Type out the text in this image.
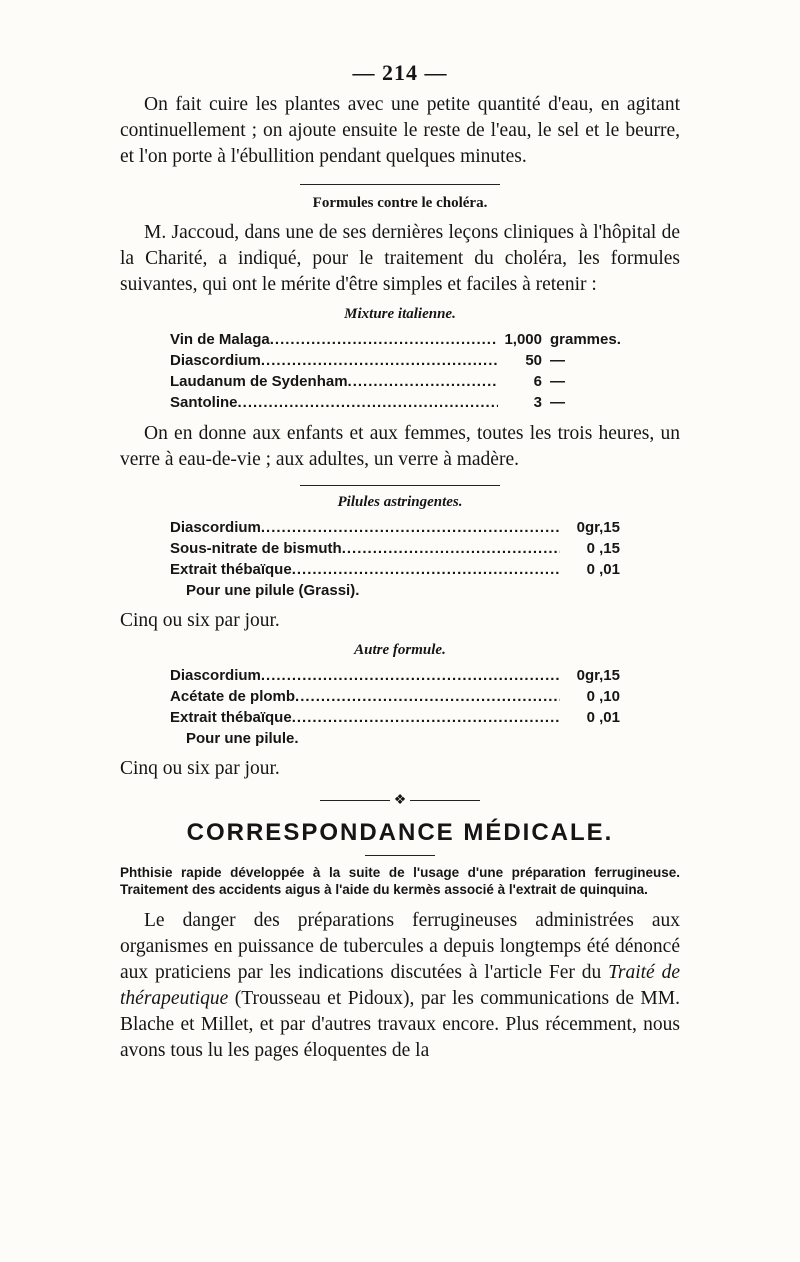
— 214 —

On fait cuire les plantes avec une petite quantité d'eau, en agitant continuellement ; on ajoute ensuite le reste de l'eau, le sel et le beurre, et l'on porte à l'ébullition pendant quelques minutes.

Formules contre le choléra.

M. Jaccoud, dans une de ses dernières leçons cliniques à l'hôpital de la Charité, a indiqué, pour le traitement du choléra, les formules suivantes, qui ont le mérite d'être simples et faciles à retenir :

Mixture italienne.
Vin de Malaga .....	1,000 grammes.
Diascordium .....	50 —
Laudanum de Sydenham .....	6 —
Santoline .....	3 —

On en donne aux enfants et aux femmes, toutes les trois heures, un verre à eau-de-vie ; aux adultes, un verre à madère.

Pilules astringentes.
Diascordium .....	0gr,15
Sous-nitrate de bismuth .....	0 ,15
Extrait thébaïque .....	0 ,01
Pour une pilule (Grassi).

Cinq ou six par jour.

Autre formule.
Diascordium .....	0gr,15
Acétate de plomb .....	0 ,10
Extrait thébaïque .....	0 ,01
Pour une pilule.

Cinq ou six par jour.

❖
CORRESPONDANCE MÉDICALE.
Phthisie rapide développée à la suite de l'usage d'une préparation ferrugineuse. Traitement des accidents aigus à l'aide du kermès associé à l'extrait de quinquina.

Le danger des préparations ferrugineuses administrées aux organismes en puissance de tubercules a depuis longtemps été dénoncé aux praticiens par les indications discutées à l'article Fer du Traité de thérapeutique (Trousseau et Pidoux), par les communications de MM. Blache et Millet, et par d'autres travaux encore. Plus récemment, nous avons tous lu les pages éloquentes de la
